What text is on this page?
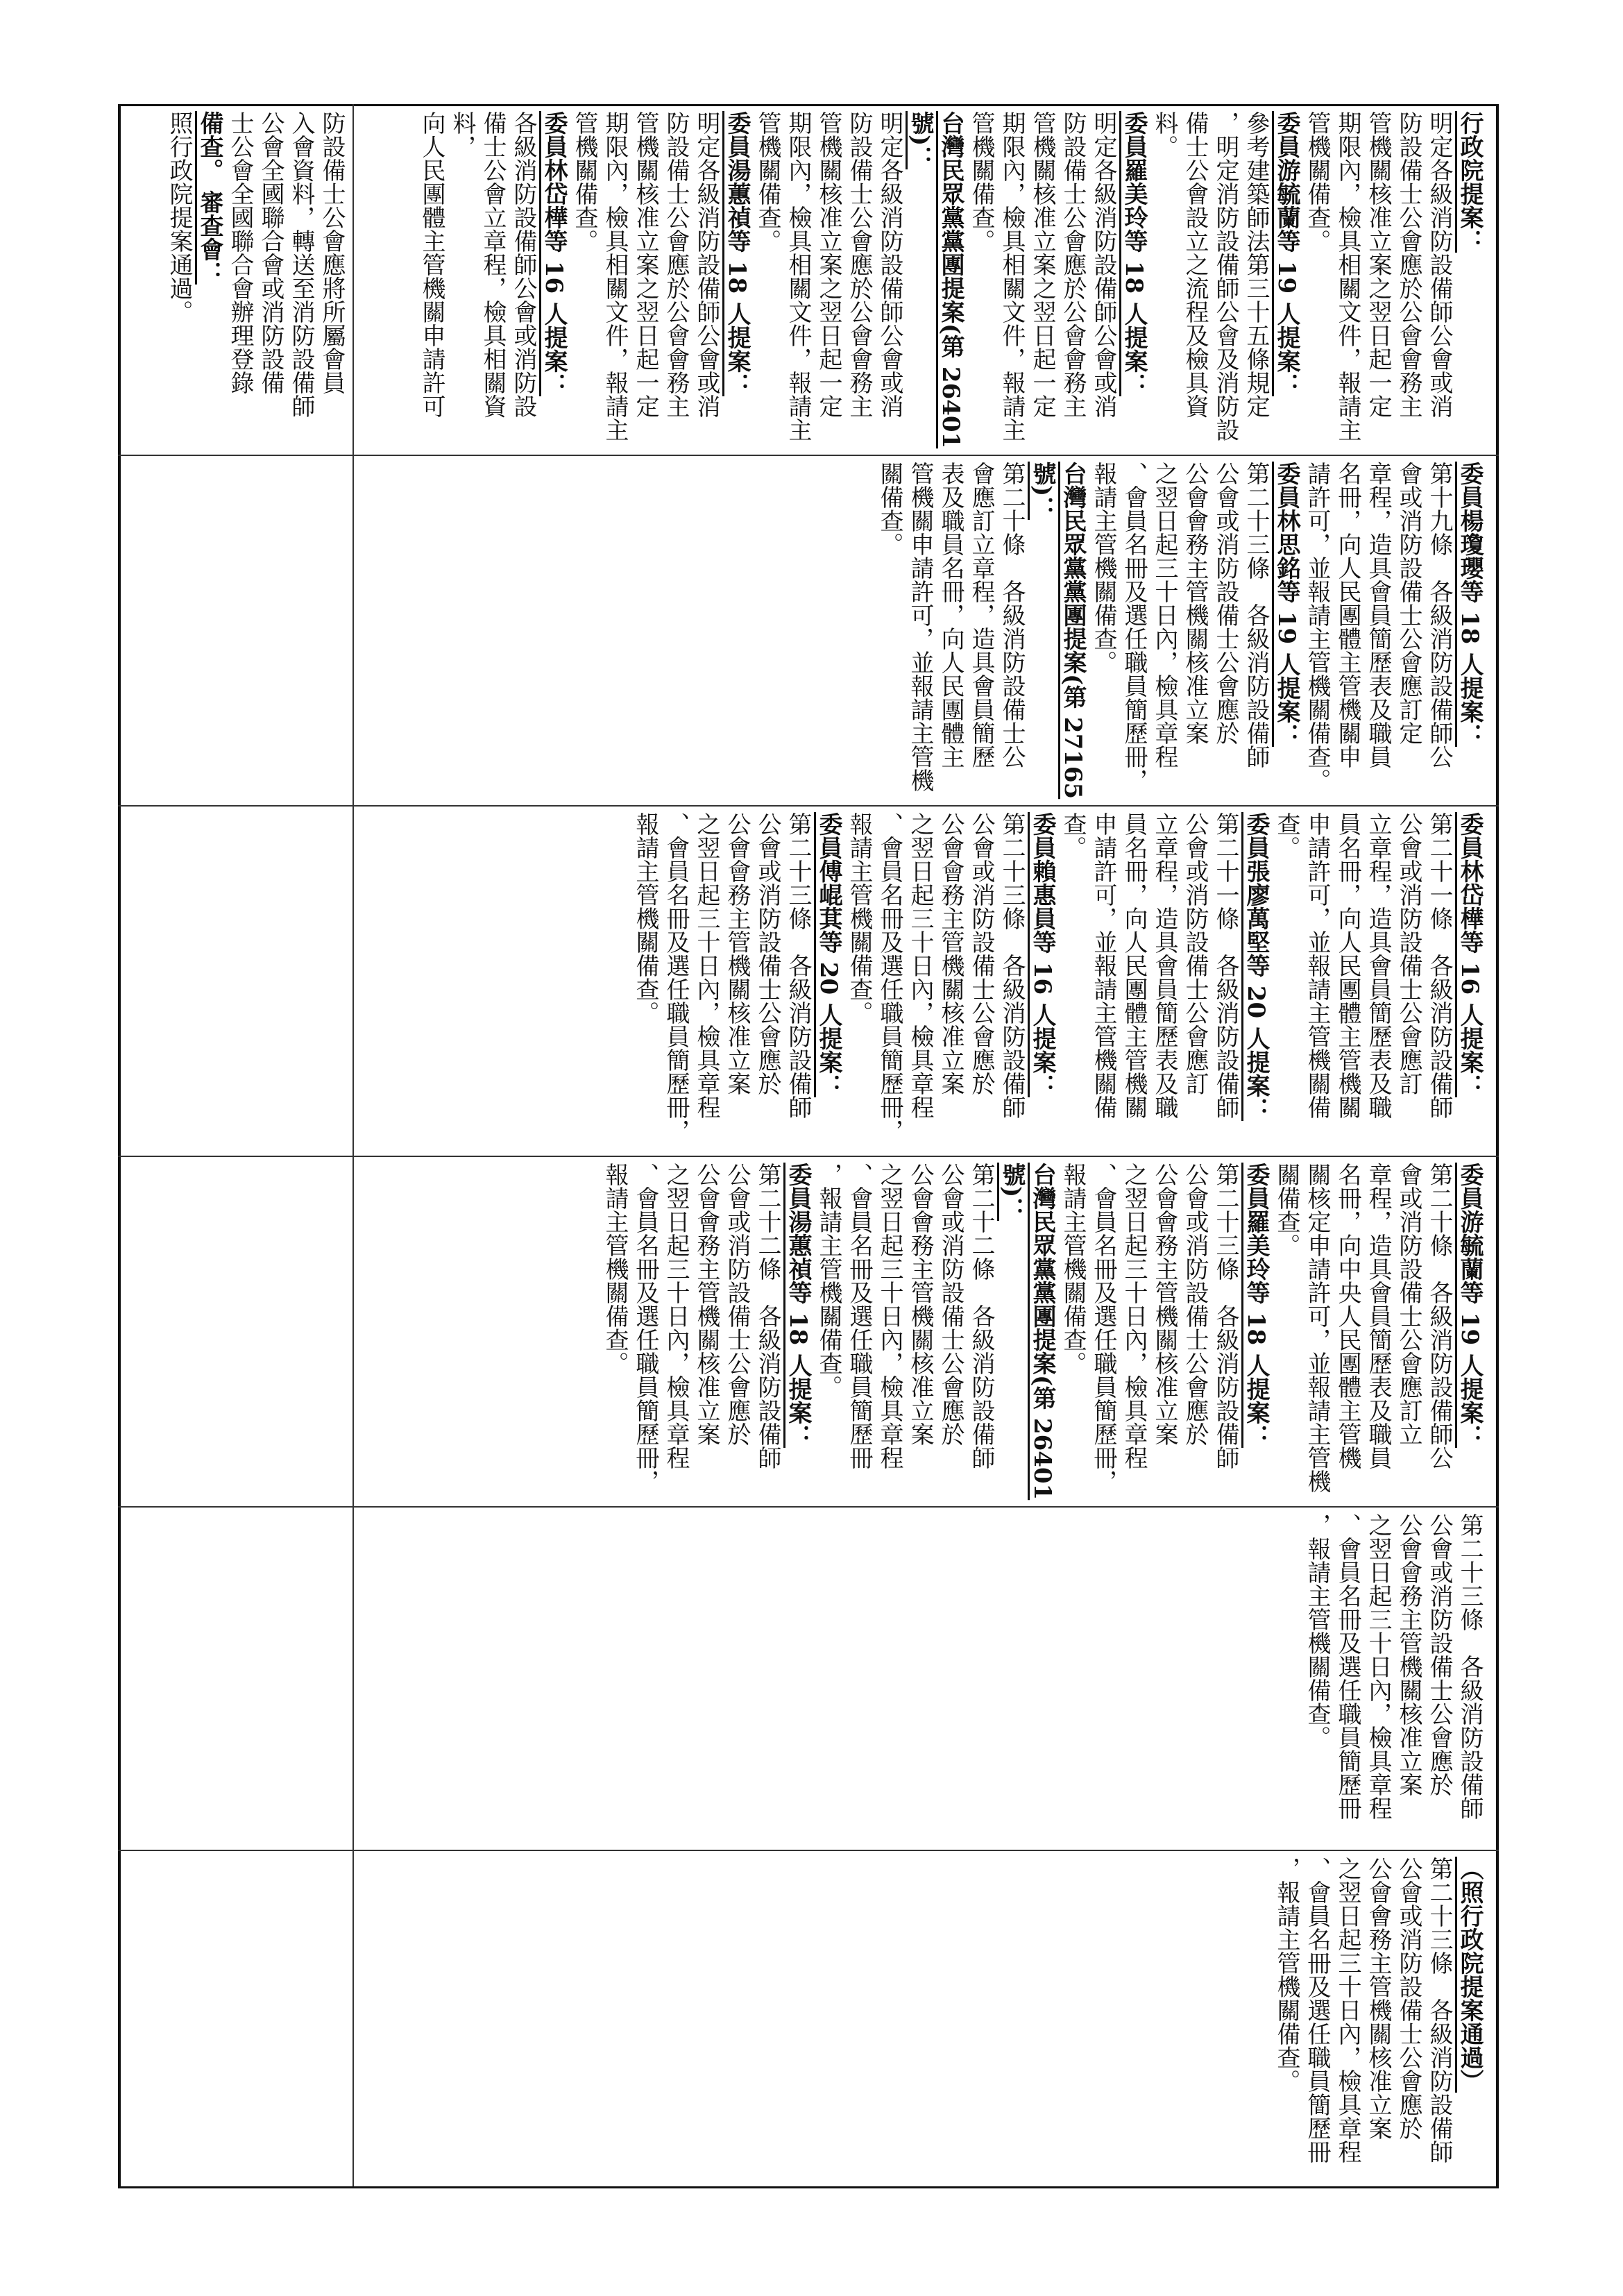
防設備士公會應將所屬會員

入會資料，轉送至消防設備師

公會全國聯合會或消防設備

士公會全國聯合會辦理登錄

備查。 審查會：

照行政院提案通過。	行政院提案：

明定各級消防設備師公會或消

防設備士公會應於公會會務主

管機關核准立案之翌日起一定

期限內，檢具相關文件，報請主

管機關備查。

委員游毓蘭等 19 人提案：

參考建築師法第三十五條規定

，明定消防設備師公會及消防設

備士公會設立之流程及檢具資料。

委員羅美玲等 18 人提案：

明定各級消防設備師公會或消

防設備士公會應於公會會務主

管機關核准立案之翌日起一定

期限內，檢具相關文件，報請主管機關備查。

台灣民眾黨黨團提案(第 26401 號)：

明定各級消防設備師公會或消

防設備士公會應於公會會務主

管機關核准立案之翌日起一定

期限內，檢具相關文件，報請主管機關備查。

委員湯蕙禎等 18 人提案：

明定各級消防設備師公會或消

防設備士公會應於公會會務主

管機關核准立案之翌日起一定

期限內，檢具相關文件，報請主管機關備查。

委員林岱樺等 16 人提案：

各級消防設備師公會或消防設

備士公會立章程，檢具相關資料，

向人民團體主管機關申請許可

委員楊瓊瓔等 18 人提案：

第十九條　各級消防設備師公

會或消防設備士公會應訂定

章程，造具會員簡歷表及職員

名冊，向人民團體主管機關申

請許可，並報請主管機關備查。

委員林思銘等 19 人提案：

第二十三條　各級消防設備師

公會或消防設備士公會應於

公會會務主管機關核准立案

之翌日起三十日內，檢具章程

、會員名冊及選任職員簡歷冊，報請主管機關備查。

台灣民眾黨黨團提案(第 27165 號)：

第二十條　各級消防設備士公

會應訂立章程，造具會員簡歷

表及職員名冊，向人民團體主

管機關申請許可，並報請主管機關備查。

委員林岱樺等 16 人提案：

第二十一條　各級消防設備師

公會或消防設備士公會應訂

立章程，造具會員簡歷表及職

員名冊，向人民團體主管機關

申請許可，並報請主管機關備查。

委員張廖萬堅等 20 人提案：

第二十一條　各級消防設備師

公會或消防設備士公會應訂

立章程，造具會員簡歷表及職

員名冊，向人民團體主管機關

申請許可，並報請主管機關備

查。

委員賴惠員等 16 人提案：

第二十三條　各級消防設備師

公會或消防設備士公會應於

公會會務主管機關核准立案

之翌日起三十日內，檢具章程

、會員名冊及選任職員簡歷冊，報請主管機關備查。

委員傅崐萁等 20 人提案：

第二十三條　各級消防設備師

公會或消防設備士公會應於

公會會務主管機關核准立案

之翌日起三十日內，檢具章程

、會員名冊及選任職員簡歷冊，報請主管機關備查。

委員游毓蘭等 19 人提案：

第二十條　各級消防設備師公

會或消防設備士公會應訂立

章程，造具會員簡歷表及職員

名冊，向中央人民團體主管機

關核定申請許可，並報請主管機關備查。

委員羅美玲等 18 人提案：

第二十三條　各級消防設備師

公會或消防設備士公會應於

公會會務主管機關核准立案

之翌日起三十日內，檢具章程

、會員名冊及選任職員簡歷冊，報請主管機關備查。

台灣民眾黨黨團提案(第 26401 號)：

第二十二條　各級消防設備師

公會或消防設備士公會應於

公會會務主管機關核准立案

之翌日起三十日內，檢具章程

、會員名冊及選任職員簡歷冊

，報請主管機關備查。

委員湯蕙禎等 18 人提案：

第二十二條　各級消防設備師

公會或消防設備士公會應於

公會會務主管機關核准立案

之翌日起三十日內，檢具章程

、會員名冊及選任職員簡歷冊，報請主管機關備查。

第二十三條　各級消防設備師

公會或消防設備士公會應於

公會會務主管機關核准立案

之翌日起三十日內，檢具章程

、會員名冊及選任職員簡歷冊

，報請主管機關備查。

（照行政院提案通過）

第二十三條　各級消防設備師

公會或消防設備士公會應於

公會會務主管機關核准立案

之翌日起三十日內，檢具章程

、會員名冊及選任職員簡歷冊

，報請主管機關備查。
